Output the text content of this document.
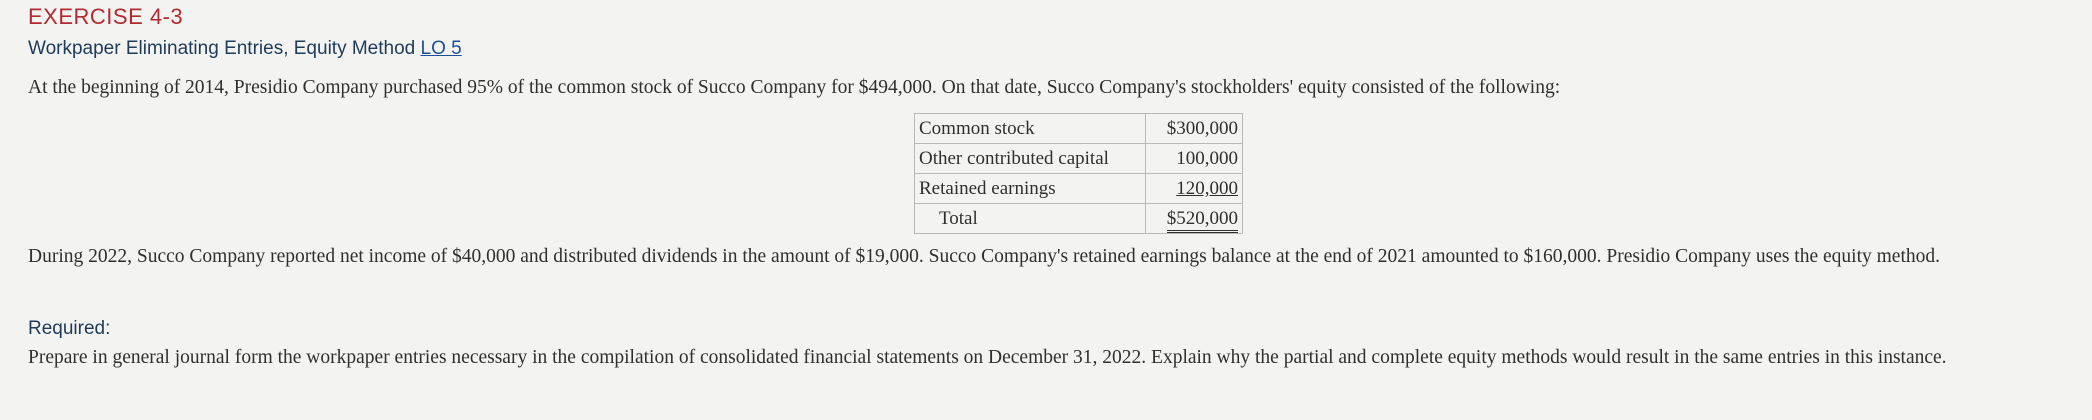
EXERCISE 4-3
Workpaper Eliminating Entries, Equity Method LO 5
At the beginning of 2014, Presidio Company purchased 95% of the common stock of Succo Company for $494,000. On that date, Succo Company's stockholders' equity consisted of the following:
Common stock	$300,000
Other contributed capital	100,000
Retained earnings	120,000
Total	$520,000
During 2022, Succo Company reported net income of $40,000 and distributed dividends in the amount of $19,000. Succo Company's retained earnings balance at the end of 2021 amounted to $160,000. Presidio Company uses the equity method.
Required:
Prepare in general journal form the workpaper entries necessary in the compilation of consolidated financial statements on December 31, 2022. Explain why the partial and complete equity methods would result in the same entries in this instance.
